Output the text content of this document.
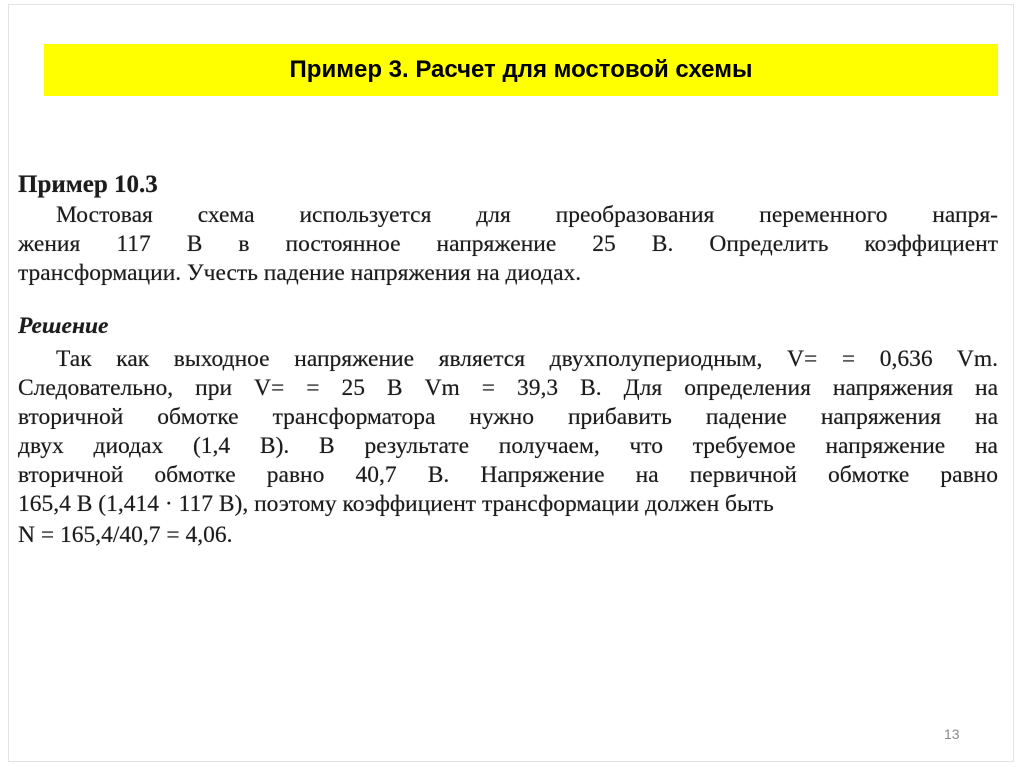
Пример 3. Расчет для мостовой схемы
Пример 10.3

Мостовая схема используется для преобразования переменного напря-
жения 117 В в постоянное напряжение 25 В. Определить коэффициент
трансформации. Учесть падение напряжения на диодах.

Решение

Так как выходное напряжение является двухполупериодным, V= = 0,636 Vm.
Следовательно, при V= = 25 В Vm = 39,3 В. Для определения напряжения на
вторичной обмотке трансформатора нужно прибавить падение напряжения на
двух диодах (1,4 В). В результате получаем, что требуемое напряжение на
вторичной обмотке равно 40,7 В. Напряжение на первичной обмотке равно
165,4 В (1,414 · 117 В), поэтому коэффициент трансформации должен быть

N = 165,4/40,7 = 4,06.
13
